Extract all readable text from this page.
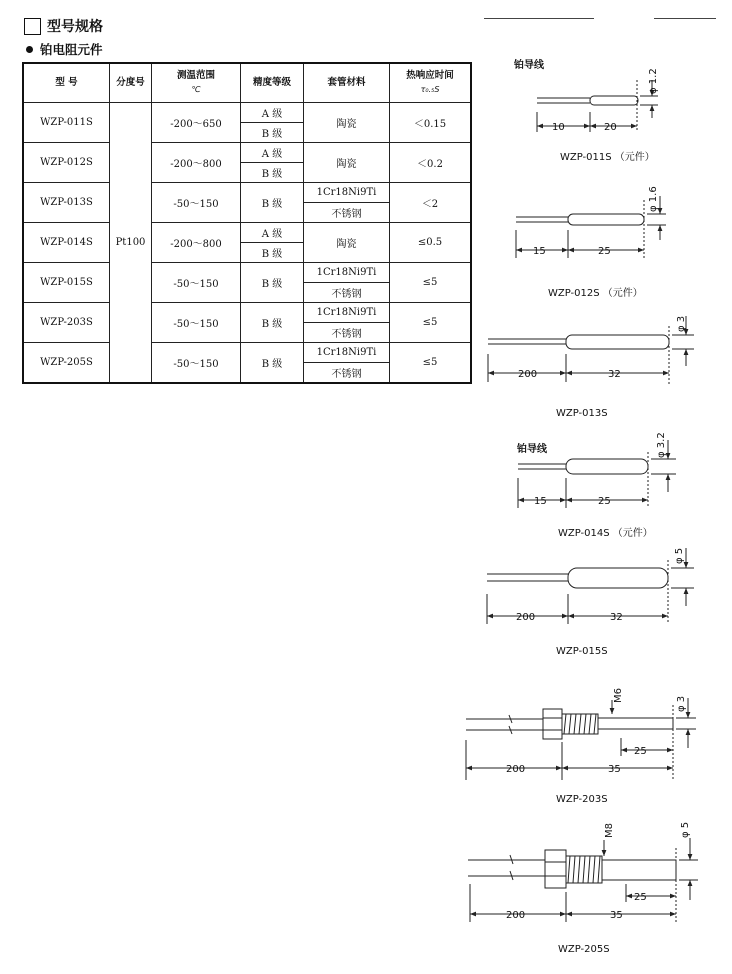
型号规格
铂电阻元件
型 号	分度号	测温范围
℃	精度等级	套管材料	热响应时间
τ₀.₅S
WZP-011S	Pt100	-200～650	A 级	陶瓷	＜0.15
			B 级		
WZP-012S		-200～800	A 级	陶瓷	＜0.2
			B 级		
WZP-013S		-50～150	B 级	1Cr18Ni9Ti	＜2
				不锈钢	
WZP-014S		-200～800	A 级	陶瓷	≤0.5
			B 级		
WZP-015S		-50～150	B 级	1Cr18Ni9Ti	≤5
				不锈钢	
WZP-203S		-50～150	B 级	1Cr18Ni9Ti	≤5
				不锈钢	
WZP-205S		-50～150	B 级	1Cr18Ni9Ti	≤5
				不锈钢	
铂导线
φ 1.2
10	20
WZP-011S （元件）
φ 1.6
15	25
WZP-012S （元件）
φ 3
200	32
WZP-013S
铂导线	φ 3.2
15	25
WZP-014S （元件）
φ 5
200	32
WZP-015S
M6
φ 3
25
200	35
WZP-203S
M8	φ 5
25
200	35
WZP-205S
